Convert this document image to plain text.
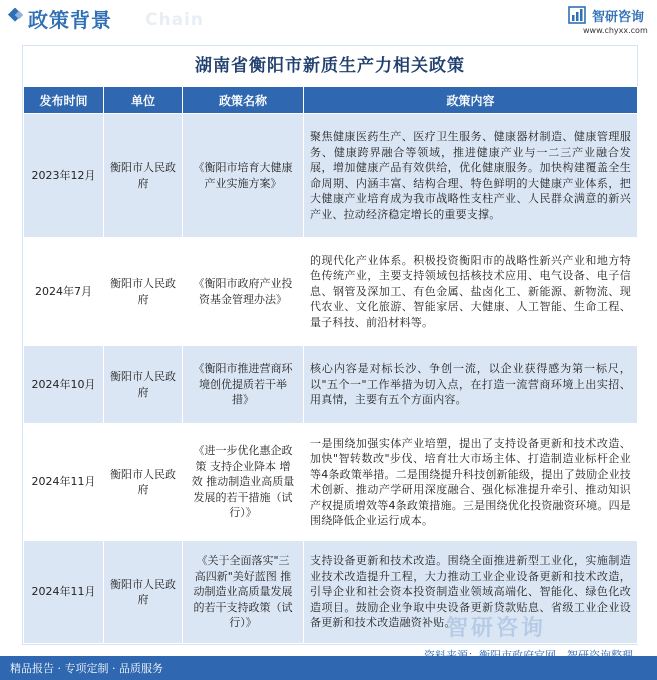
政策背景 Chain	智研咨询
www.chyxx.com
湖南省衡阳市新质生产力相关政策
发布时间	单位	政策名称	政策内容
2023年12月	衡阳市人民政府	《衡阳市培育大健康产业实施方案》	聚焦健康医药生产、医疗卫生服务、健康器材制造、健康管理服务、健康跨界融合等领域，推进健康产业与一二三产业融合发展，增加健康产品有效供给，优化健康服务。加快构建覆盖全生命周期、内涵丰富、结构合理、特色鲜明的大健康产业体系，把大健康产业培育成为我市战略性支柱产业、人民群众满意的新兴产业、拉动经济稳定增长的重要支撑。
2024年7月	衡阳市人民政府	《衡阳市政府产业投资基金管理办法》	的现代化产业体系。积极投资衡阳市的战略性新兴产业和地方特色传统产业，主要支持领域包括核技术应用、电气设备、电子信息、钢管及深加工、有色金属、盐卤化工、新能源、新物流、现代农业、文化旅游、智能家居、大健康、人工智能、生命工程、量子科技、前沿材料等。
2024年10月	衡阳市人民政府	《衡阳市推进营商环境创优提质若干举措》	核心内容是对标长沙、争创一流，以企业获得感为第一标尺，以"五个一"工作举措为切入点，在打造一流营商环境上出实招、用真情，主要有五个方面内容。
2024年11月	衡阳市人民政府	《进一步优化惠企政策 支持企业降本 增效 推动制造业高质量发展的若干措施（试行）》	一是围绕加强实体产业培塑，提出了支持设备更新和技术改造、加快"智转数改"步伐、培育壮大市场主体、打造制造业标杆企业等4条政策举措。二是围绕提升科技创新能级，提出了鼓励企业技术创新、推动产学研用深度融合、强化标准提升牵引、推动知识产权提质增效等4条政策措施。三是围绕优化投资融资环境。四是围绕降低企业运行成本。
2024年11月	衡阳市人民政府	《关于全面落实"三高四新"美好蓝图 推动制造业高质量发展的若干支持政策（试行）》	支持设备更新和技术改造。围绕全面推进新型工业化，实施制造业技术改造提升工程，大力推动工业企业设备更新和技术改造，引导企业和社会资本投资制造业领域高端化、智能化、绿色化改造项目。鼓励企业争取中央设备更新贷款贴息、省级工业企业设备更新和技术改造融资补贴。
智研咨询
精品报告 · 专项定制 · 品质服务
